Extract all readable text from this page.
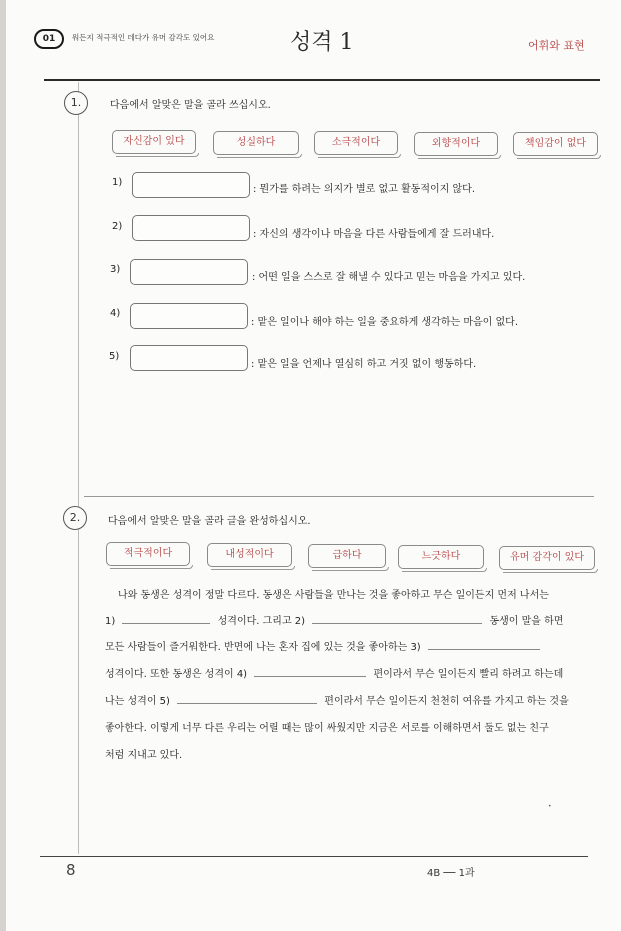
01	워든지 적극적인 데다가 유머 감각도 있어요	성격 1	어휘와 표현
1.	다음에서 알맞은 말을 골라 쓰십시오.
자신감이 있다	성실하다	소극적이다	외향적이다	책임감이 없다
1)
: 뭔가를 하려는 의지가 별로 없고 활동적이지 않다.
2)
: 자신의 생각이나 마음을 다른 사람들에게 잘 드러내다.
3)
: 어떤 일을 스스로 잘 해낼 수 있다고 믿는 마음을 가지고 있다.
4)
: 맡은 일이나 해야 하는 일을 중요하게 생각하는 마음이 없다.
5)
: 맡은 일을 언제나 열심히 하고 거짓 없이 행동하다.
2.	다음에서 알맞은 말을 골라 글을 완성하십시오.
적극적이다	내성적이다	급하다	느긋하다	유머 감각이 있다
나와 동생은 성격이 정말 다르다. 동생은 사람들을 만나는 것을 좋아하고 무슨 일이든지 먼저 나서는
1)	성격이다. 그리고 2)	동생이 말을 하면
모든 사람들이 즐거워한다. 반면에 나는 혼자 집에 있는 것을 좋아하는 3)
성격이다. 또한 동생은 성격이 4)	편이라서 무슨 일이든지 빨리 하려고 하는데
나는 성격이 5)	편이라서 무슨 일이든지 천천히 여유를 가지고 하는 것을
좋아한다. 이렇게 너무 다른 우리는 어릴 때는 많이 싸웠지만 지금은 서로를 이해하면서 둘도 없는 친구
처럼 지내고 있다.
•
8	4B ── 1과
